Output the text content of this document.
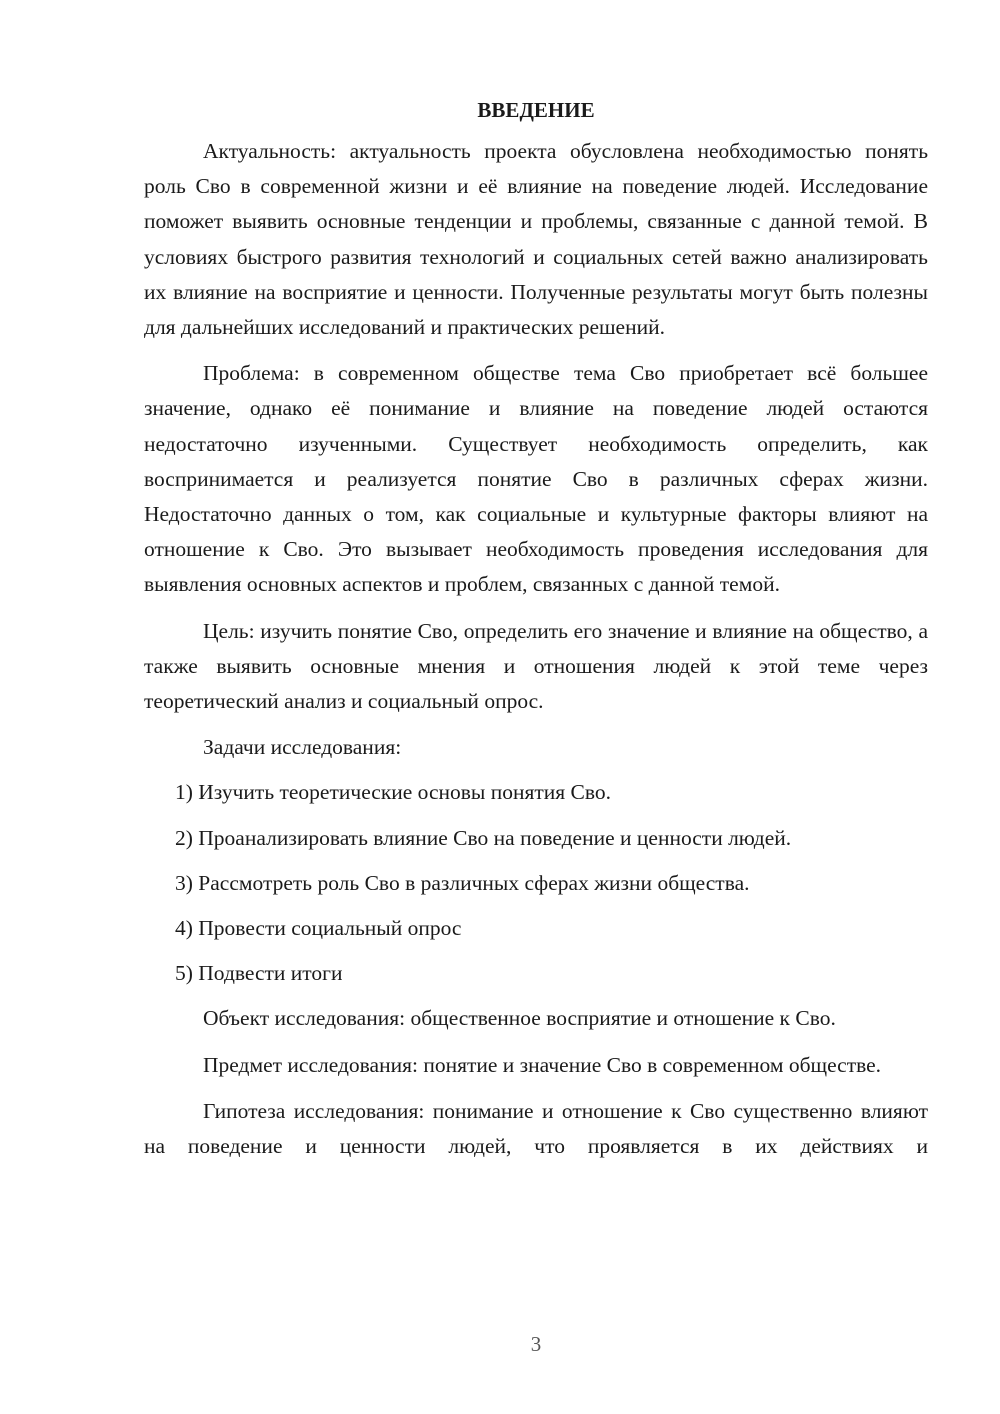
ВВЕДЕНИЕ

Актуальность: актуальность проекта обусловлена необходимостью понять роль Сво в современной жизни и её влияние на поведение людей. Исследование поможет выявить основные тенденции и проблемы, связанные с данной темой. В условиях быстрого развития технологий и социальных сетей важно анализировать их влияние на восприятие и ценности. Полученные результаты могут быть полезны для дальнейших исследований и практических решений.

Проблема: в современном обществе тема Сво приобретает всё большее значение, однако её понимание и влияние на поведение людей остаются недостаточно изученными. Существует необходимость определить, как воспринимается и реализуется понятие Сво в различных сферах жизни. Недостаточно данных о том, как социальные и культурные факторы влияют на отношение к Сво. Это вызывает необходимость проведения исследования для выявления основных аспектов и проблем, связанных с данной темой.

Цель: изучить понятие Сво, определить его значение и влияние на общество, а также выявить основные мнения и отношения людей к этой теме через теоретический анализ и социальный опрос.

Задачи исследования:

1) Изучить теоретические основы понятия Сво.
2) Проанализировать влияние Сво на поведение и ценности людей.
3) Рассмотреть роль Сво в различных сферах жизни общества.
4) Провести социальный опрос
5) Подвести итоги

Объект исследования: общественное восприятие и отношение к Сво.

Предмет исследования: понятие и значение Сво в современном обществе.

Гипотеза исследования: понимание и отношение к Сво существенно влияют на поведение и ценности людей, что проявляется в их действиях и

3
